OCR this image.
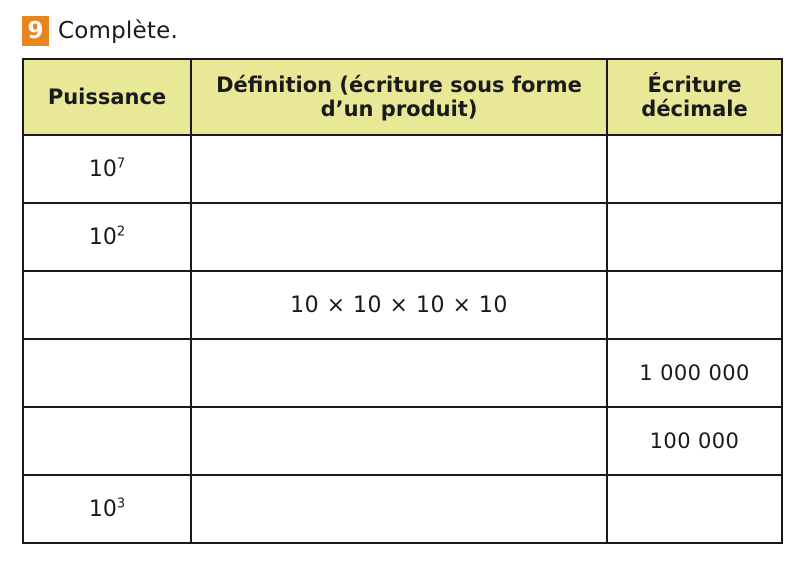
9 Complète.
Puissance	Définition (écriture sous forme d’un produit)	Écriture décimale
$10^7$		
$10^2$		
	10 × 10 × 10 × 10	
		1 000 000
		100 000
$10^3$		
